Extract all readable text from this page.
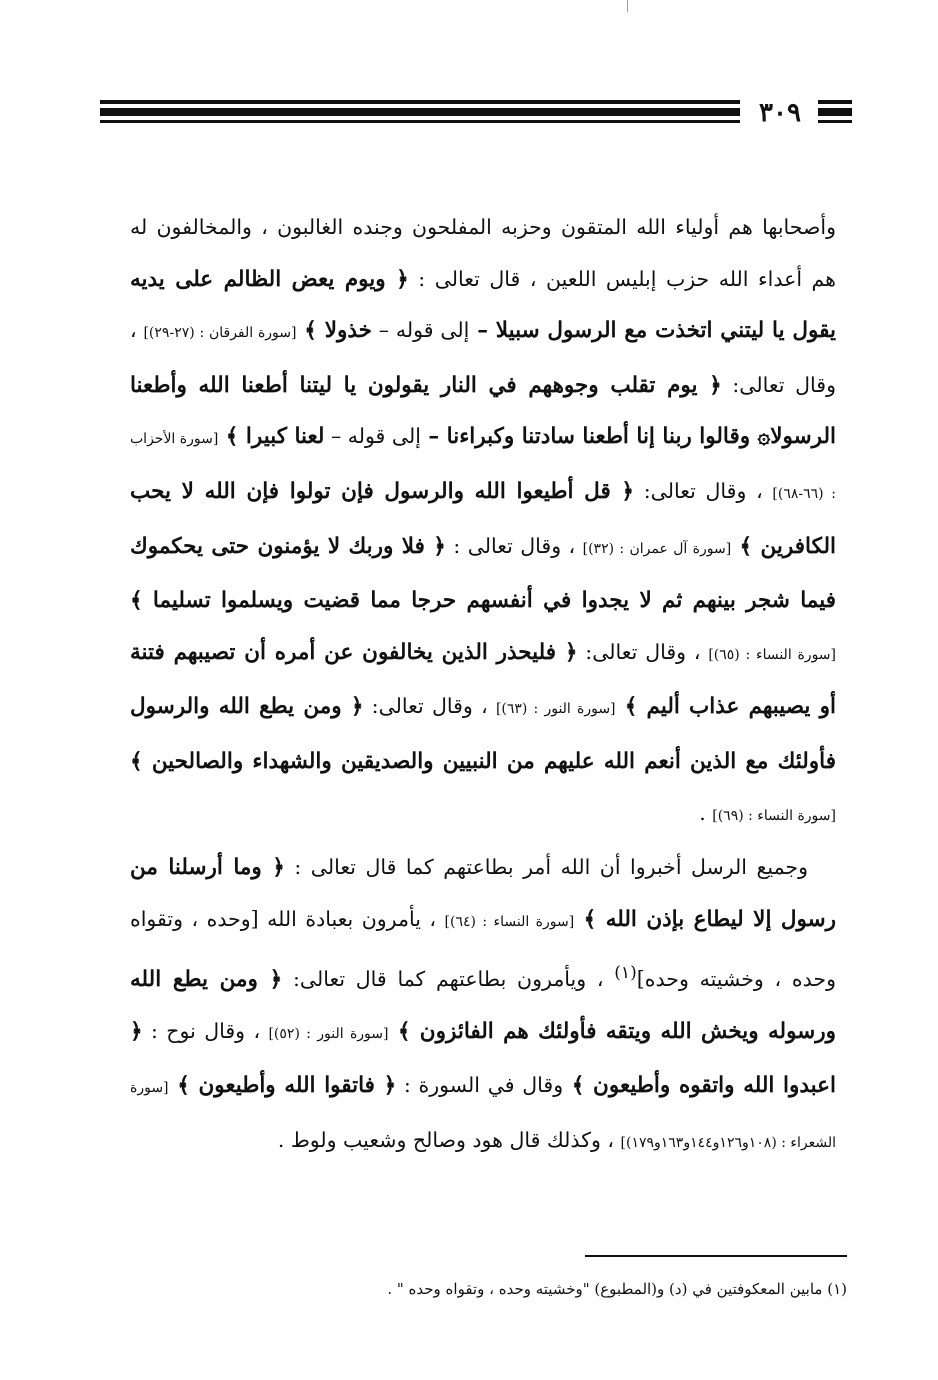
٣٠٩

وأصحابها هم أولياء الله المتقون وحزبه المفلحون وجنده الغالبون ، والمخالفون له هم أعداء الله حزب إبليس اللعين ، قال تعالى : ﴿ ويوم يعض الظالم على يديه يقول يا ليتني اتخذت مع الرسول سبيلا – إلى قوله – خذولا ﴾ [سورة الفرقان : (٢٧-٢٩)] ، وقال تعالى: ﴿ يوم تقلب وجوههم في النار يقولون يا ليتنا أطعنا الله وأطعنا الرسولا۞ وقالوا ربنا إنا أطعنا سادتنا وكبراءنا – إلى قوله – لعنا كبيرا ﴾ [سورة الأحزاب : (٦٦-٦٨)] ، وقال تعالى: ﴿ قل أطيعوا الله والرسول فإن تولوا فإن الله لا يحب الكافرين ﴾ [سورة آل عمران : (٣٢)] ، وقال تعالى : ﴿ فلا وربك لا يؤمنون حتى يحكموك فيما شجر بينهم ثم لا يجدوا في أنفسهم حرجا مما قضيت ويسلموا تسليما ﴾ [سورة النساء : (٦٥)] ، وقال تعالى: ﴿ فليحذر الذين يخالفون عن أمره أن تصيبهم فتنة أو يصيبهم عذاب أليم ﴾ [سورة النور : (٦٣)] ، وقال تعالى: ﴿ ومن يطع الله والرسول فأولئك مع الذين أنعم الله عليهم من النبيين والصديقين والشهداء والصالحين ﴾ [سورة النساء : (٦٩)] .

وجميع الرسل أخبروا أن الله أمر بطاعتهم كما قال تعالى : ﴿ وما أرسلنا من رسول إلا ليطاع بإذن الله ﴾ [سورة النساء : (٦٤)] ، يأمرون بعبادة الله [وحده ، وتقواه وحده ، وخشيته وحده]$^{(١)}$ ، ويأمرون بطاعتهم كما قال تعالى: ﴿ ومن يطع الله ورسوله ويخش الله ويتقه فأولئك هم الفائزون ﴾ [سورة النور : (٥٢)] ، وقال نوح : ﴿ اعبدوا الله واتقوه وأطيعون ﴾ وقال في السورة : ﴿ فاتقوا الله وأطيعون ﴾ [سورة الشعراء : (١٠٨و١٢٦و١٤٤و١٦٣و١٧٩)] ، وكذلك قال هود وصالح وشعيب ولوط .

(١) مابين المعكوفتين في (د) و(المطبوع) "وخشيته وحده ، وتقواه وحده " .
